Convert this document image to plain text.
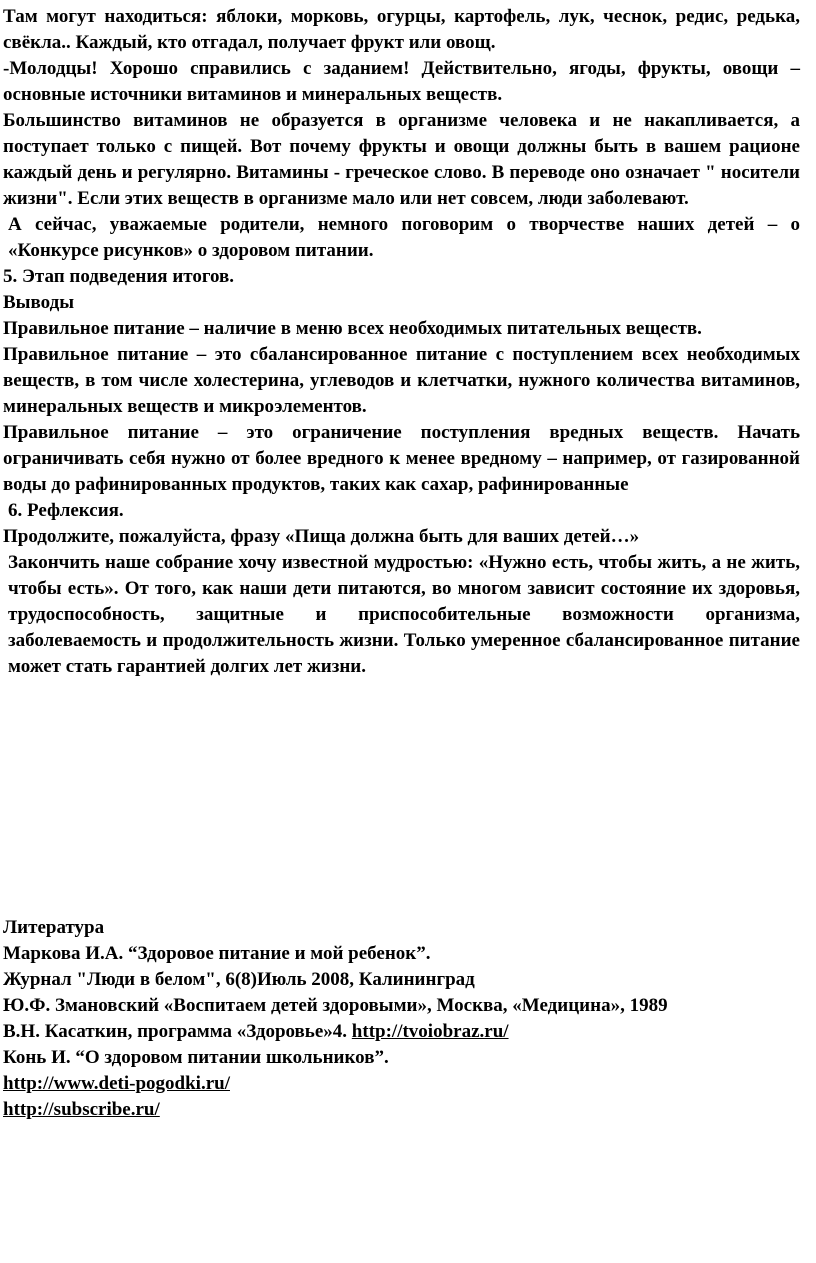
Там могут находиться: яблоки, морковь, огурцы, картофель, лук, чеснок, редис, редька, свёкла.. Каждый, кто отгадал, получает фрукт или овощ.

-Молодцы! Хорошо справились с заданием! Действительно, ягоды, фрукты, овощи – основные источники витаминов и минеральных веществ.

Большинство витаминов не образуется в организме человека и не накапливается, а поступает только с пищей. Вот почему фрукты и овощи должны быть в вашем рационе каждый день и регулярно. Витамины - греческое слово. В переводе оно означает " носители жизни". Если этих веществ в организме мало или нет совсем, люди заболевают.

А сейчас, уважаемые родители, немного поговорим о творчестве наших детей – о «Конкурсе рисунков» о здоровом питании.

5. Этап подведения итогов.

Выводы

Правильное питание – наличие в меню всех необходимых питательных веществ.

Правильное питание – это сбалансированное питание с поступлением всех необходимых веществ, в том числе холестерина, углеводов и клетчатки, нужного количества витаминов, минеральных веществ и микроэлементов.

Правильное питание – это ограничение поступления вредных веществ. Начать ограничивать себя нужно от более вредного к менее вредному – например, от газированной воды до рафинированных продуктов, таких как сахар, рафинированные

6. Рефлексия.

Продолжите, пожалуйста, фразу «Пища должна быть для ваших детей…»

Закончить наше собрание хочу известной мудростью: «Нужно есть, чтобы жить, а не жить, чтобы есть». От того, как наши дети питаются, во многом зависит состояние их здоровья, трудоспособность, защитные и приспособительные возможности организма, заболеваемость и продолжительность жизни. Только умеренное сбалансированное питание может стать гарантией долгих лет жизни.

Литература

Маркова И.А. “Здоровое питание и мой ребенок”.

Журнал "Люди в белом", 6(8)Июль 2008, Калининград

Ю.Ф. Змановский «Воспитаем детей здоровыми», Москва, «Медицина», 1989

В.Н. Касаткин, программа «Здоровье»4. http://tvoiobraz.ru/

Конь И. “О здоровом питании школьников”.

http://www.deti-pogodki.ru/

http://subscribe.ru/
